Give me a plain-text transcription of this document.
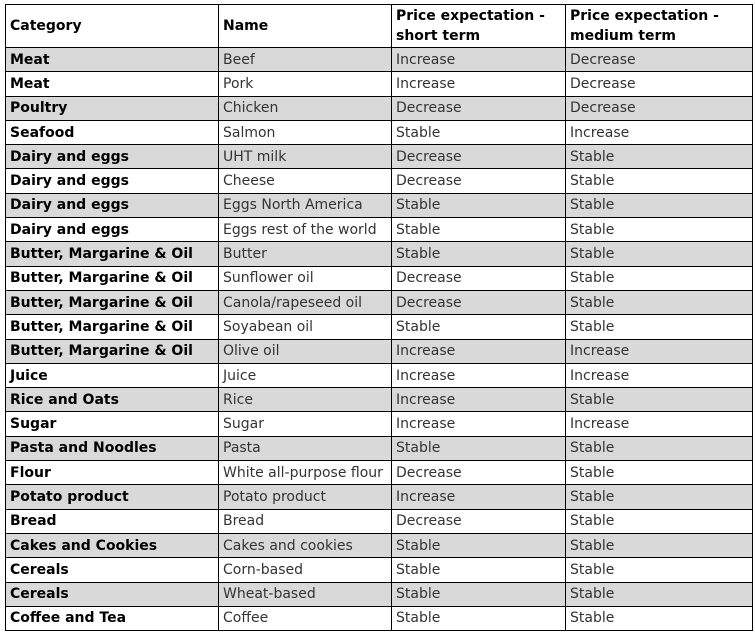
Category	Name	Price expectation - short term	Price expectation - medium term
Meat	Beef	Increase	Decrease
Meat	Pork	Increase	Decrease
Poultry	Chicken	Decrease	Decrease
Seafood	Salmon	Stable	Increase
Dairy and eggs	UHT milk	Decrease	Stable
Dairy and eggs	Cheese	Decrease	Stable
Dairy and eggs	Eggs North America	Stable	Stable
Dairy and eggs	Eggs rest of the world	Stable	Stable
Butter, Margarine & Oil	Butter	Stable	Stable
Butter, Margarine & Oil	Sunflower oil	Decrease	Stable
Butter, Margarine & Oil	Canola/rapeseed oil	Decrease	Stable
Butter, Margarine & Oil	Soyabean oil	Stable	Stable
Butter, Margarine & Oil	Olive oil	Increase	Increase
Juice	Juice	Increase	Increase
Rice and Oats	Rice	Increase	Stable
Sugar	Sugar	Increase	Increase
Pasta and Noodles	Pasta	Stable	Stable
Flour	White all-purpose flour	Decrease	Stable
Potato product	Potato product	Increase	Stable
Bread	Bread	Decrease	Stable
Cakes and Cookies	Cakes and cookies	Stable	Stable
Cereals	Corn-based	Stable	Stable
Cereals	Wheat-based	Stable	Stable
Coffee and Tea	Coffee	Stable	Stable
